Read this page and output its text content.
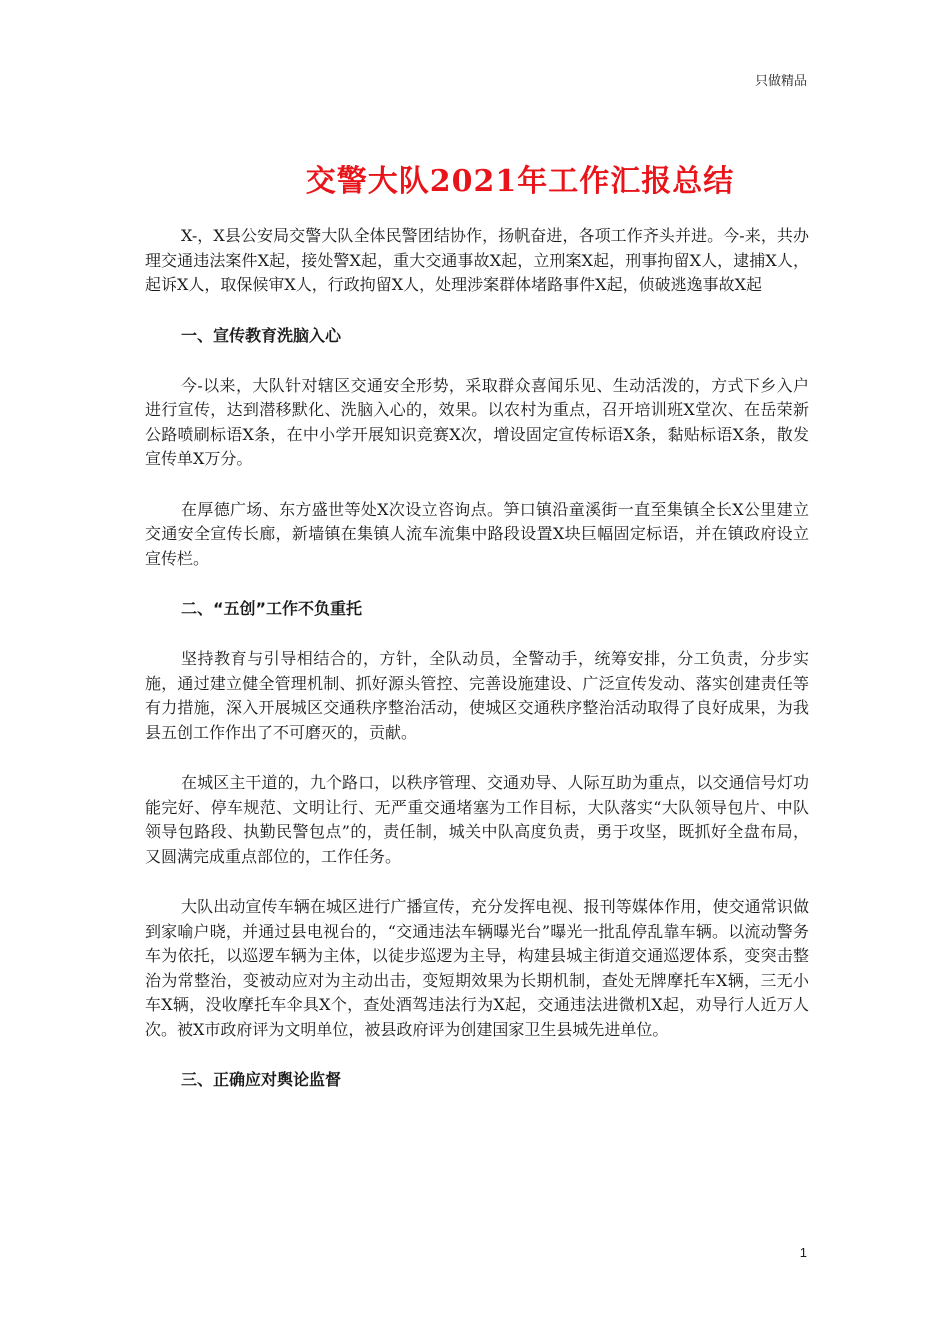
只做精品
交警大队2021年工作汇报总结

X-，X县公安局交警大队全体民警团结协作，扬帆奋进，各项工作齐头并进。今-来，共办理交通违法案件X起，接处警X起，重大交通事故X起，立刑案X起，刑事拘留X人，逮捕X人，起诉X人，取保候审X人，行政拘留X人，处理涉案群体堵路事件X起，侦破逃逸事故X起

一、宣传教育洗脑入心

今-以来，大队针对辖区交通安全形势，采取群众喜闻乐见、生动活泼的，方式下乡入户进行宣传，达到潜移默化、洗脑入心的，效果。以农村为重点，召开培训班X堂次、在岳荣新公路喷刷标语X条，在中小学开展知识竞赛X次，增设固定宣传标语X条，黏贴标语X条，散发宣传单X万分。

在厚德广场、东方盛世等处X次设立咨询点。笋口镇沿童溪街一直至集镇全长X公里建立交通安全宣传长廊，新墙镇在集镇人流车流集中路段设置X块巨幅固定标语，并在镇政府设立宣传栏。

二、“五创”工作不负重托

坚持教育与引导相结合的，方针，全队动员，全警动手，统筹安排，分工负责，分步实施，通过建立健全管理机制、抓好源头管控、完善设施建设、广泛宣传发动、落实创建责任等有力措施，深入开展城区交通秩序整治活动，使城区交通秩序整治活动取得了良好成果，为我县五创工作作出了不可磨灭的，贡献。

在城区主干道的，九个路口，以秩序管理、交通劝导、人际互助为重点，以交通信号灯功能完好、停车规范、文明让行、无严重交通堵塞为工作目标，大队落实“大队领导包片、中队领导包路段、执勤民警包点”的，责任制，城关中队高度负责，勇于攻坚，既抓好全盘布局，又圆满完成重点部位的，工作任务。

大队出动宣传车辆在城区进行广播宣传，充分发挥电视、报刊等媒体作用，使交通常识做到家喻户晓，并通过县电视台的，“交通违法车辆曝光台”曝光一批乱停乱靠车辆。以流动警务车为依托，以巡逻车辆为主体，以徒步巡逻为主导，构建县城主街道交通巡逻体系，变突击整治为常整治，变被动应对为主动出击，变短期效果为长期机制，查处无牌摩托车X辆，三无小车X辆，没收摩托车伞具X个，查处酒驾违法行为X起，交通违法进微机X起，劝导行人近万人次。被X市政府评为文明单位，被县政府评为创建国家卫生县城先进单位。

三、正确应对舆论监督

1
